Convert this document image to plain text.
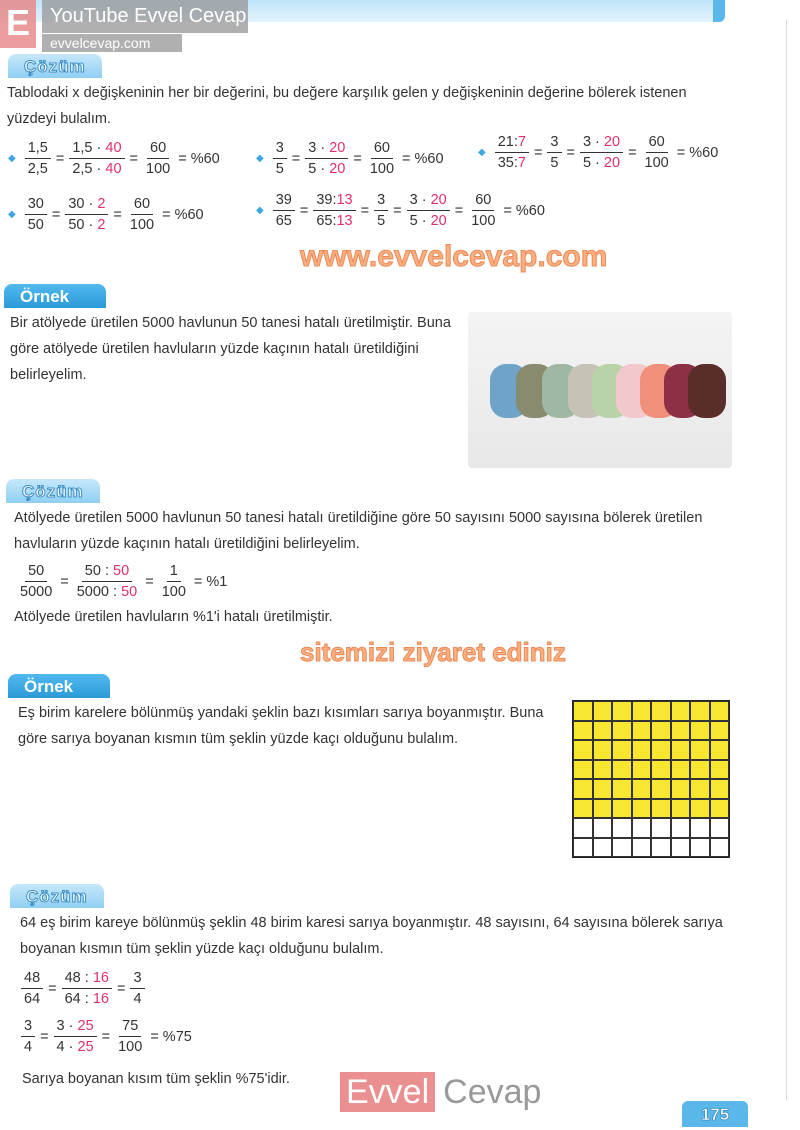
E	YouTube Evvel Cevap
evvelcevap.com
Çözüm
Tablodaki x değişkeninin her bir değerini, bu değere karşılık gelen y değişkeninin değerine bölerek istenen yüzdeyi bulalım.
◆ $\frac{1,5}{2,5} = \frac{1,5 \cdot 40}{2,5 \cdot 40} = \frac{60}{100} = \%60$	◆ $\frac{3}{5} = \frac{3 \cdot 20}{5 \cdot 20} = \frac{60}{100} = \%60$	◆ $\frac{21:7}{35:7} = \frac{3}{5} = \frac{3 \cdot 20}{5 \cdot 20} = \frac{60}{100} = \%60$
◆ $\frac{30}{50} = \frac{30 \cdot 2}{50 \cdot 2} = \frac{60}{100} = \%60$	◆ $\frac{39}{65} = \frac{39:13}{65:13} = \frac{3}{5} = \frac{3 \cdot 20}{5 \cdot 20} = \frac{60}{100} = \%60$
www.evvelcevap.com
Örnek
Bir atölyede üretilen 5000 havlunun 50 tanesi hatalı üretilmiştir. Buna göre atölyede üretilen havluların yüzde kaçının hatalı üretildiğini belirleyelim.
Çözüm
Atölyede üretilen 5000 havlunun 50 tanesi hatalı üretildiğine göre 50 sayısını 5000 sayısına bölerek üretilen havluların yüzde kaçının hatalı üretildiğini belirleyelim.
$\frac{50}{5000} = \frac{50 : 50}{5000 : 50} = \frac{1}{100} = \%1$
Atölyede üretilen havluların %1'i hatalı üretilmiştir.
sitemizi ziyaret ediniz
Örnek
Eş birim karelere bölünmüş yandaki şeklin bazı kısımları sarıya boyanmıştır. Buna göre sarıya boyanan kısmın tüm şeklin yüzde kaçı olduğunu bulalım.
Çözüm
64 eş birim kareye bölünmüş şeklin 48 birim karesi sarıya boyanmıştır. 48 sayısını, 64 sayısına bölerek sarıya boyanan kısmın tüm şeklin yüzde kaçı olduğunu bulalım.
$\frac{48}{64} = \frac{48 : 16}{64 : 16} = \frac{3}{4}$
$\frac{3}{4} = \frac{3 \cdot 25}{4 \cdot 25} = \frac{75}{100} = \%75$
Sarıya boyanan kısım tüm şeklin %75'idir. Evvel Cevap
175
